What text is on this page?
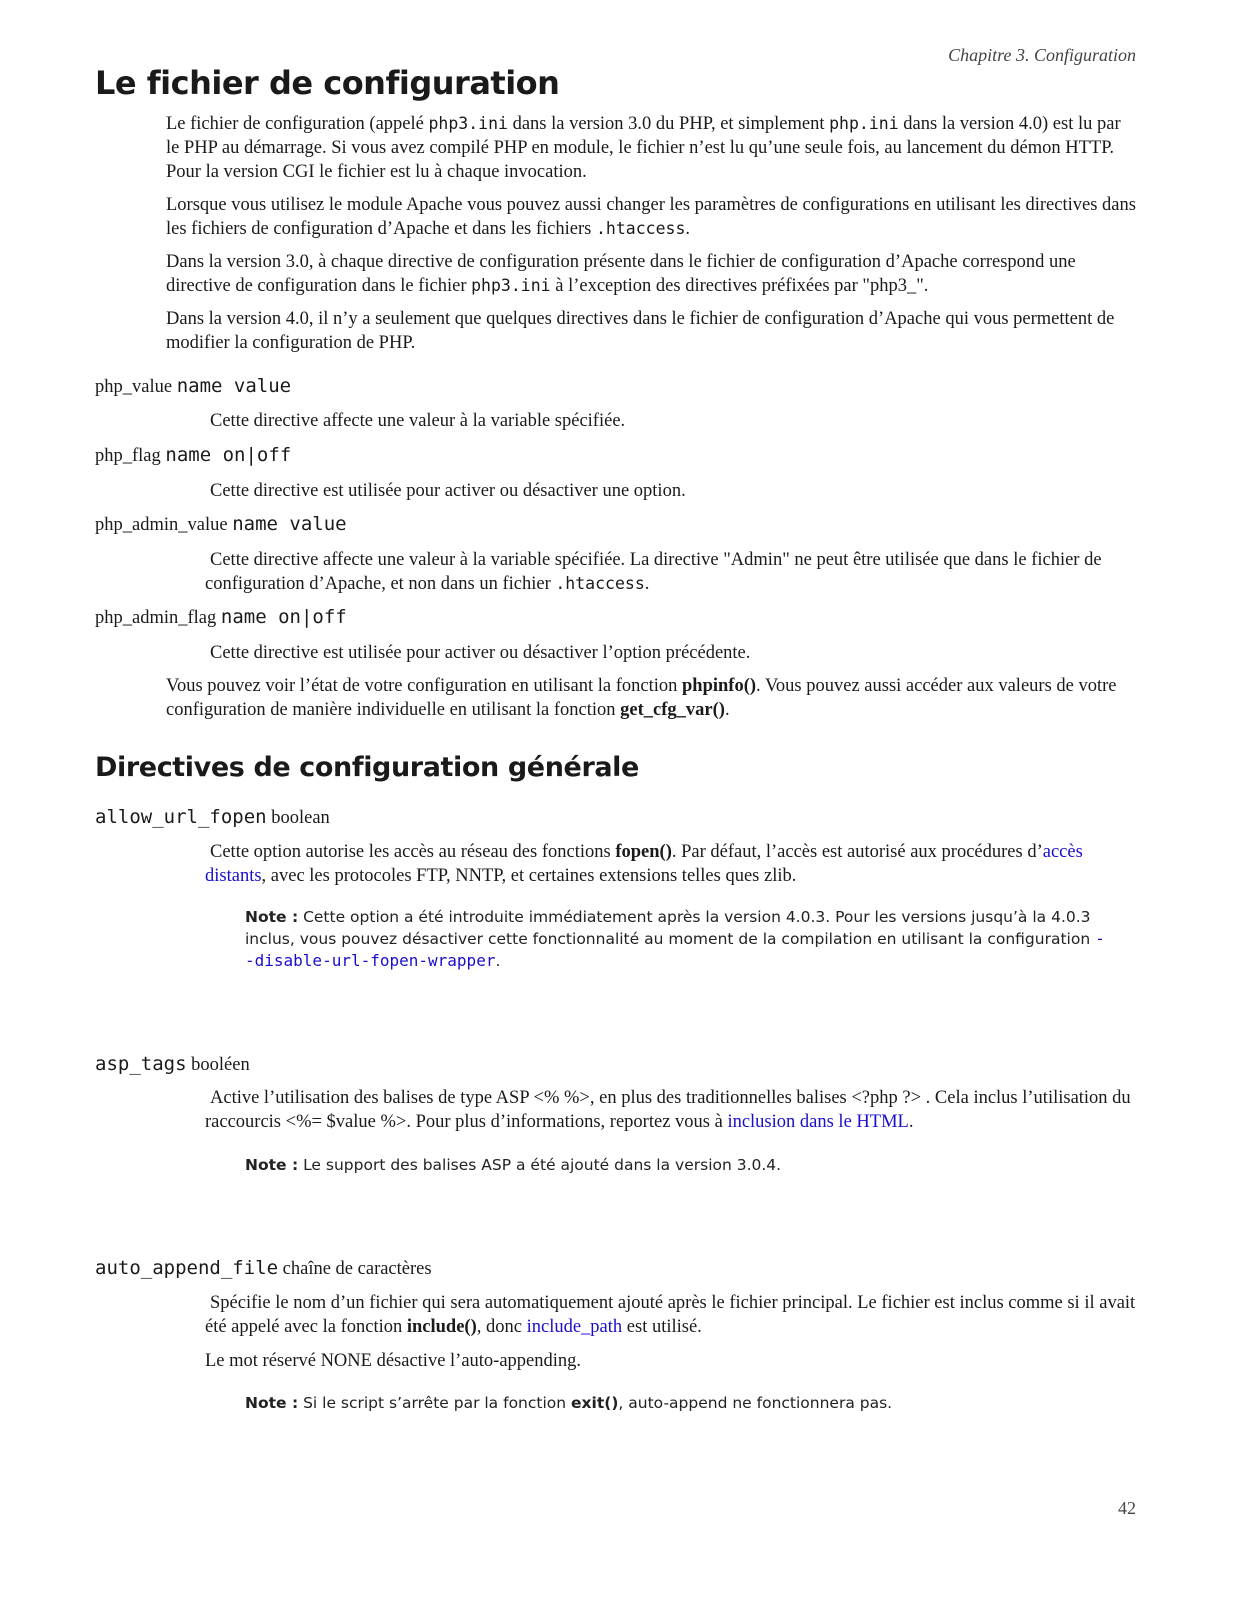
Chapitre 3. Configuration
Le fichier de configuration
Le fichier de configuration (appelé php3.ini dans la version 3.0 du PHP, et simplement php.ini dans la version 4.0) est lu par le PHP au démarrage. Si vous avez compilé PHP en module, le fichier n’est lu qu’une seule fois, au lancement du démon HTTP. Pour la version CGI le fichier est lu à chaque invocation.
Lorsque vous utilisez le module Apache vous pouvez aussi changer les paramètres de configurations en utilisant les directives dans les fichiers de configuration d’Apache et dans les fichiers .htaccess.
Dans la version 3.0, à chaque directive de configuration présente dans le fichier de configuration d’Apache correspond une directive de configuration dans le fichier php3.ini à l’exception des directives préfixées par "php3_".
Dans la version 4.0, il n’y a seulement que quelques directives dans le fichier de configuration d’Apache qui vous permettent de modifier la configuration de PHP.
php_value name value
Cette directive affecte une valeur à la variable spécifiée.
php_flag name on|off
Cette directive est utilisée pour activer ou désactiver une option.
php_admin_value name value
Cette directive affecte une valeur à la variable spécifiée. La directive "Admin" ne peut être utilisée que dans le fichier de configuration d’Apache, et non dans un fichier .htaccess.
php_admin_flag name on|off
Cette directive est utilisée pour activer ou désactiver l’option précédente.
Vous pouvez voir l’état de votre configuration en utilisant la fonction phpinfo(). Vous pouvez aussi accéder aux valeurs de votre configuration de manière individuelle en utilisant la fonction get_cfg_var().
Directives de configuration générale
allow_url_fopen boolean
Cette option autorise les accès au réseau des fonctions fopen(). Par défaut, l’accès est autorisé aux procédures d’accès distants, avec les protocoles FTP, NNTP, et certaines extensions telles ques zlib.
Note : Cette option a été introduite immédiatement après la version 4.0.3. Pour les versions jusqu’à la 4.0.3 inclus, vous pouvez désactiver cette fonctionnalité au moment de la compilation en utilisant la configuration --disable-url-fopen-wrapper.
asp_tags booléen
Active l’utilisation des balises de type ASP <% %>, en plus des traditionnelles balises <?php ?> . Cela inclus l’utilisation du raccourcis <%= $value %>. Pour plus d’informations, reportez vous à inclusion dans le HTML.
Note : Le support des balises ASP a été ajouté dans la version 3.0.4.
auto_append_file chaîne de caractères
Spécifie le nom d’un fichier qui sera automatiquement ajouté après le fichier principal. Le fichier est inclus comme si il avait été appelé avec la fonction include(), donc include_path est utilisé.
Le mot réservé NONE désactive l’auto-appending.
Note : Si le script s’arrête par la fonction exit(), auto-append ne fonctionnera pas.
42
